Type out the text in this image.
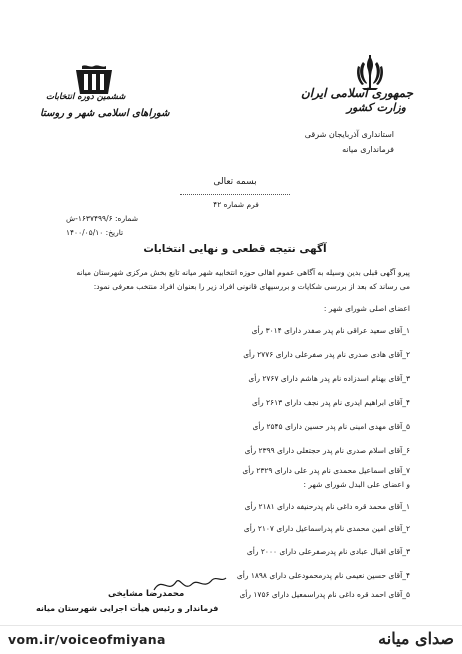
جمهوری اسلامی ایران
وزارت کشور
استانداری آذربایجان شرقی
فرمانداری میانه
ششمین دوره انتخابات
شوراهای اسلامی شهر و روستا
بسمه تعالی
فرم شماره ۴۲
شماره: ۱۶۳۷۴۹۹/۶-ش
تاریخ: ۱۴۰۰/۰۵/۱۰
آگهی نتیجه قطعی و نهایی انتخابات
پیرو آگهی قبلی بدین وسیله به آگاهی عموم اهالی حوزه انتخابیه شهر میانه تابع بخش مرکزی شهرستان میانه
می رساند که بعد از بررسی شکایات و بررسیهای قانونی افراد زیر را بعنوان افراد منتخب معرفی نمود:
اعضای اصلی شورای شهر :
۱_آقای سعید عراقی نام پدر صفدر دارای ۳۰۱۴ رأی
۲_آقای هادی صدری نام پدر صفرعلی دارای ۲۷۷۶ رأی
۳_آقای بهنام اسدزاده نام پدر هاشم دارای ۲۷۶۷ رأی
۴_آقای ابراهیم ایدری نام پدر نجف دارای ۲۶۱۳ رأی
۵_آقای مهدی امینی نام پدر حسین دارای ۲۵۴۵ رأی
۶_آقای اسلام صدری نام پدر حجتعلی دارای ۲۳۹۹ رأی
۷_آقای اسماعیل محمدی نام پدر علی دارای ۲۳۲۹ رأی
و اعضای علی البدل شورای شهر :
۱_آقای محمد قره داغی نام پدرحنیفه دارای ۲۱۸۱ رأی
۲_آقای امین محمدی نام پدراسماعیل دارای ۲۱۰۷ رأی
۳_آقای اقبال عبادی نام پدرصفرعلی دارای ۲۰۰۰ رأی
۴_آقای حسین نعیمی نام پدرمحمودعلی دارای ۱۸۹۸ رأی
۵_آقای احمد قره داغی نام پدراسمعیل دارای ۱۷۵۶ رأی
محمدرضا مشایخی
فرماندار و رئیس هیأت اجرایی شهرستان میانه
vom.ir/voiceofmiyana	صدای میانه
